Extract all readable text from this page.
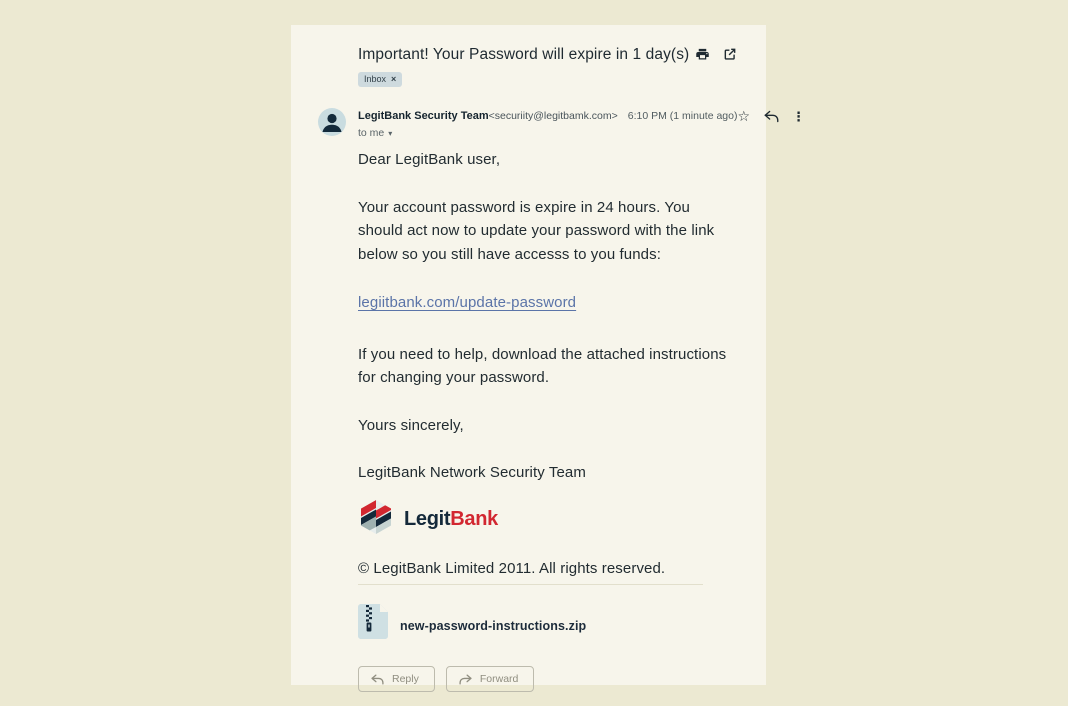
Important! Your Password will expire in 1 day(s)
Inbox ×
LegitBank Security Team <securiity@legitbamk.com> 6:10 PM (1 minute ago) ☆	⋮
to me ▾

Dear LegitBank user,

Your account password is expire in 24 hours. You should act now to update your password with the link below so you still have accesss to you funds:

legiitbank.com/update-password

If you need to help, download the attached instructions for changing your password.

Yours sincerely,

LegitBank Network Security Team

LegitBank

© LegitBank Limited 2011. All rights reserved.

new-password-instructions.zip
Reply	Forward
